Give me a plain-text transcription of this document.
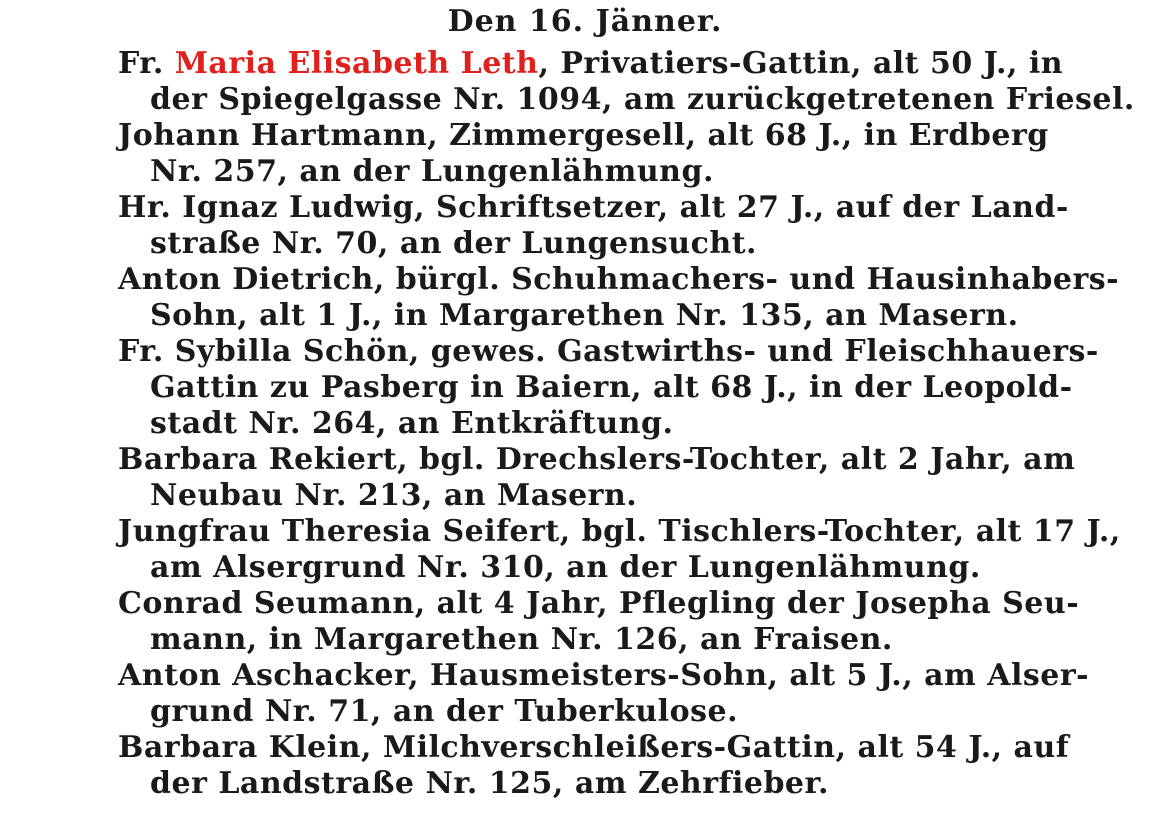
Den 16. Jänner.
Fr. Maria Elisabeth Leth, Privatiers-Gattin, alt 50 J., in
der Spiegelgasse Nr. 1094, am zurückgetretenen Friesel.
Johann Hartmann, Zimmergesell, alt 68 J., in Erdberg
Nr. 257, an der Lungenlähmung.
Hr. Ignaz Ludwig, Schriftsetzer, alt 27 J., auf der Land-
straße Nr. 70, an der Lungensucht.
Anton Dietrich, bürgl. Schuhmachers- und Hausinhabers-
Sohn, alt 1 J., in Margarethen Nr. 135, an Masern.
Fr. Sybilla Schön, gewes. Gastwirths- und Fleischhauers-
Gattin zu Pasberg in Baiern, alt 68 J., in der Leopold-
stadt Nr. 264, an Entkräftung.
Barbara Rekiert, bgl. Drechslers-Tochter, alt 2 Jahr, am
Neubau Nr. 213, an Masern.
Jungfrau Theresia Seifert, bgl. Tischlers-Tochter, alt 17 J.,
am Alsergrund Nr. 310, an der Lungenlähmung.
Conrad Seumann, alt 4 Jahr, Pflegling der Josepha Seu-
mann, in Margarethen Nr. 126, an Fraisen.
Anton Aschacker, Hausmeisters-Sohn, alt 5 J., am Alser-
grund Nr. 71, an der Tuberkulose.
Barbara Klein, Milchverschleißers-Gattin, alt 54 J., auf
der Landstraße Nr. 125, am Zehrfieber.
